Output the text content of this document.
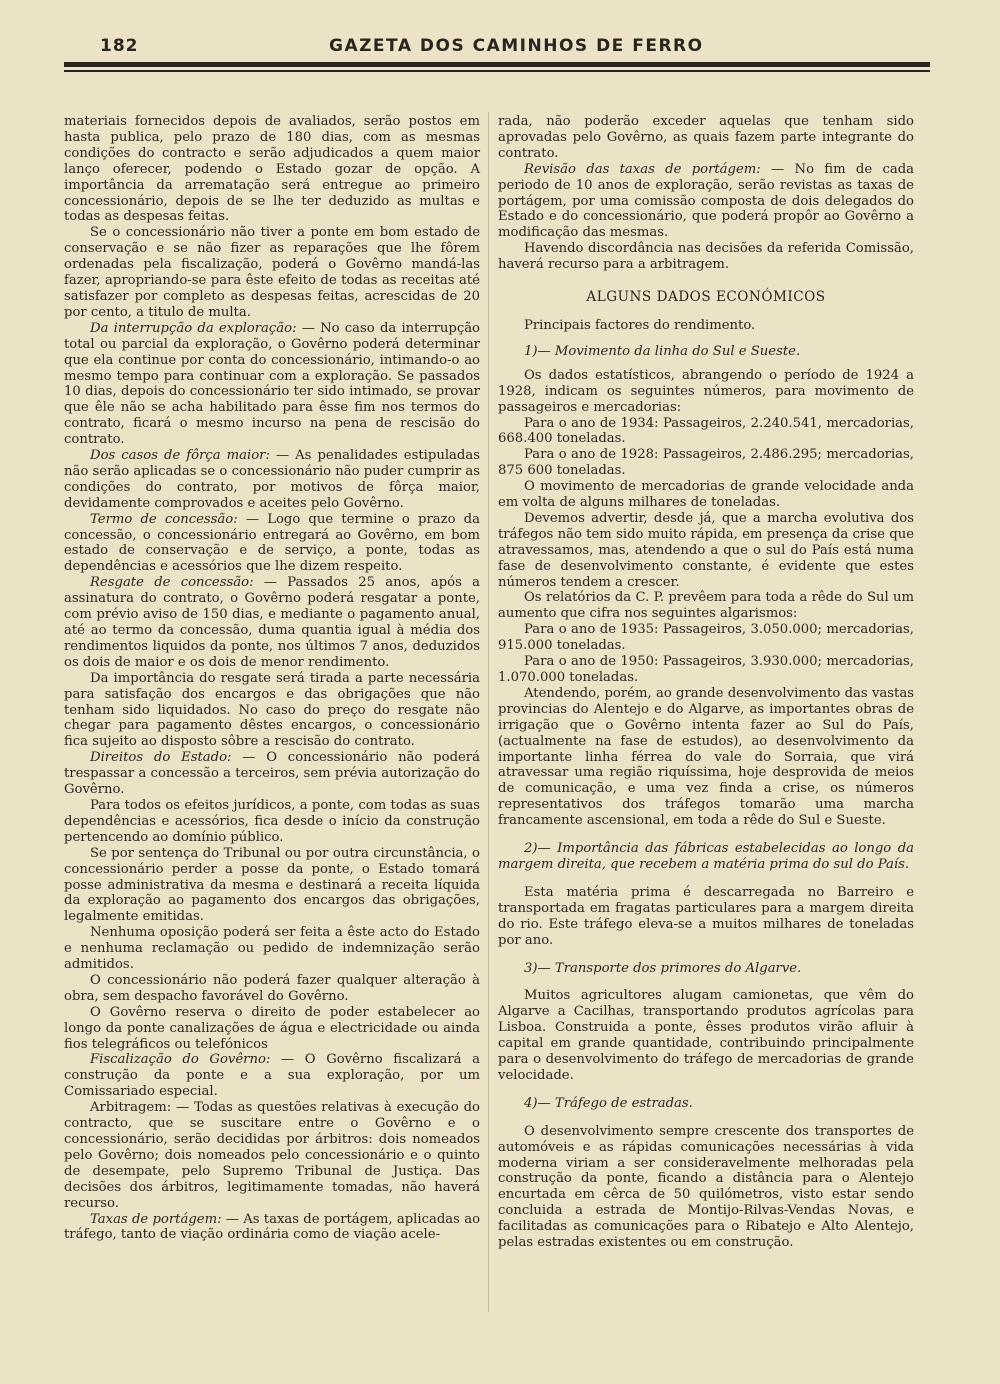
182	GAZETA DOS CAMINHOS DE FERRO

materiais fornecidos depois de avaliados, serão postos em hasta publica, pelo prazo de 180 dias, com as mesmas condições do contracto e serão adjudicados a quem maior lanço oferecer, podendo o Estado gozar de opção. A importância da arrematação será entregue ao primeiro concessionário, depois de se lhe ter deduzido as multas e todas as despesas feitas.

Se o concessionário não tiver a ponte em bom estado de conservação e se não fizer as reparações que lhe fôrem ordenadas pela fiscalização, poderá o Govêrno mandá-las fazer, apropriando-se para êste efeito de todas as receitas até satisfazer por completo as despesas feitas, acrescidas de 20 por cento, a titulo de multa.

Da interrupção da exploração: — No caso da interrupção total ou parcial da exploração, o Govêrno poderá determinar que ela continue por conta do concessionário, intimando-o ao mesmo tempo para continuar com a exploração. Se passados 10 dias, depois do concessionário ter sido intimado, se provar que êle não se acha habilitado para êsse fim nos termos do contrato, ficará o mesmo incurso na pena de rescisão do contrato.

Dos casos de fôrça maior: — As penalidades estipuladas não serão aplicadas se o concessionário não puder cumprir as condições do contrato, por motivos de fôrça maior, devidamente comprovados e aceites pelo Govêrno.

Termo de concessão: — Logo que termine o prazo da concessão, o concessionário entregará ao Govêrno, em bom estado de conservação e de serviço, a ponte, todas as dependências e acessórios que lhe dizem respeito.

Resgate de concessão: — Passados 25 anos, após a assinatura do contrato, o Govêrno poderá resgatar a ponte, com prévio aviso de 150 dias, e mediante o pagamento anual, até ao termo da concessão, duma quantia igual à média dos rendimentos liquidos da ponte, nos últimos 7 anos, deduzidos os dois de maior e os dois de menor rendimento.

Da importância do resgate será tirada a parte necessária para satisfação dos encargos e das obrigações que não tenham sido liquidados. No caso do preço do resgate não chegar para pagamento dêstes encargos, o concessionário fica sujeito ao disposto sôbre a rescisão do contrato.

Direitos do Estado: — O concessionário não poderá trespassar a concessão a terceiros, sem prévia autorização do Govêrno.

Para todos os efeitos jurídicos, a ponte, com todas as suas dependências e acessórios, fica desde o início da construção pertencendo ao domínio público.

Se por sentença do Tribunal ou por outra circunstância, o concessionário perder a posse da ponte, o Estado tomará posse administrativa da mesma e destinará a receita líquida da exploração ao pagamento dos encargos das obrigações, legalmente emitidas.

Nenhuma oposição poderá ser feita a êste acto do Estado e nenhuma reclamação ou pedido de indemnização serão admitidos.

O concessionário não poderá fazer qualquer alteração à obra, sem despacho favorável do Govêrno.

O Govêrno reserva o direito de poder estabelecer ao longo da ponte canalizações de água e electricidade ou ainda fios telegráficos ou telefónicos

Fiscalização do Govêrno: — O Govêrno fiscalizará a construção da ponte e a sua exploração, por um Comissariado especial.

Arbitragem: — Todas as questões relativas à execução do contracto, que se suscitare entre o Govêrno e o concessionário, serão decididas por árbitros: dois nomeados pelo Govêrno; dois nomeados pelo concessionário e o quinto de desempate, pelo Supremo Tribunal de Justiça. Das decisões dos árbitros, legitimamente tomadas, não haverá recurso.

Taxas de portágem: — As taxas de portágem, aplicadas ao tráfego, tanto de viação ordinária como de viação acele-

rada, não poderão exceder aquelas que tenham sido aprovadas pelo Govêrno, as quais fazem parte integrante do contrato.

Revisão das taxas de portágem: — No fim de cada periodo de 10 anos de exploração, serão revistas as taxas de portágem, por uma comissão composta de dois delegados do Estado e do concessionário, que poderá propôr ao Govêrno a modificação das mesmas.

Havendo discordância nas decisões da referida Comissão, haverá recurso para a arbitragem.

ALGUNS DADOS ECONÓMICOS

Principais factores do rendimento.

1)— Movimento da linha do Sul e Sueste.

Os dados estatísticos, abrangendo o período de 1924 a 1928, indicam os seguintes números, para movimento de passageiros e mercadorias:

Para o ano de 1934: Passageiros, 2.240.541, mercadorias, 668.400 toneladas.

Para o ano de 1928: Passageiros, 2.486.295; mercadorias, 875 600 toneladas.

O movimento de mercadorias de grande velocidade anda em volta de alguns milhares de toneladas.

Devemos advertir, desde já, que a marcha evolutiva dos tráfegos não tem sido muito rápida, em presença da crise que atravessamos, mas, atendendo a que o sul do País está numa fase de desenvolvimento constante, é evidente que estes números tendem a crescer.

Os relatórios da C. P. prevêem para toda a rêde do Sul um aumento que cifra nos seguintes algarismos:

Para o ano de 1935: Passageiros, 3.050.000; mercadorias, 915.000 toneladas.

Para o ano de 1950: Passageiros, 3.930.000; mercadorias, 1.070.000 toneladas.

Atendendo, porém, ao grande desenvolvimento das vastas provincias do Alentejo e do Algarve, as importantes obras de irrigação que o Govêrno intenta fazer ao Sul do País, (actualmente na fase de estudos), ao desenvolvimento da importante linha férrea do vale do Sorraia, que virá atravessar uma região riquíssima, hoje desprovida de meios de comunicação, e uma vez finda a crise, os números representativos dos tráfegos tomarão uma marcha francamente ascensional, em toda a rêde do Sul e Sueste.

2)— Importância das fábricas estabelecidas ao longo da margem direita, que recebem a matéria prima do sul do País.

Esta matéria prima é descarregada no Barreiro e transportada em fragatas particulares para a margem direita do rio. Este tráfego eleva-se a muitos milhares de toneladas por ano.

3)— Transporte dos primores do Algarve.

Muitos agricultores alugam camionetas, que vêm do Algarve a Cacilhas, transportando produtos agrícolas para Lisboa. Construida a ponte, êsses produtos virão afluir à capital em grande quantidade, contribuindo principalmente para o desenvolvimento do tráfego de mercadorias de grande velocidade.

4)— Tráfego de estradas.

O desenvolvimento sempre crescente dos transportes de automóveis e as rápidas comunicações necessárias à vida moderna viriam a ser consideravelmente melhoradas pela construção da ponte, ficando a distância para o Alentejo encurtada em cêrca de 50 quilómetros, visto estar sendo concluida a estrada de Montijo-Rilvas-Vendas Novas, e facilitadas as comunicações para o Ribatejo e Alto Alentejo, pelas estradas existentes ou em construção.
